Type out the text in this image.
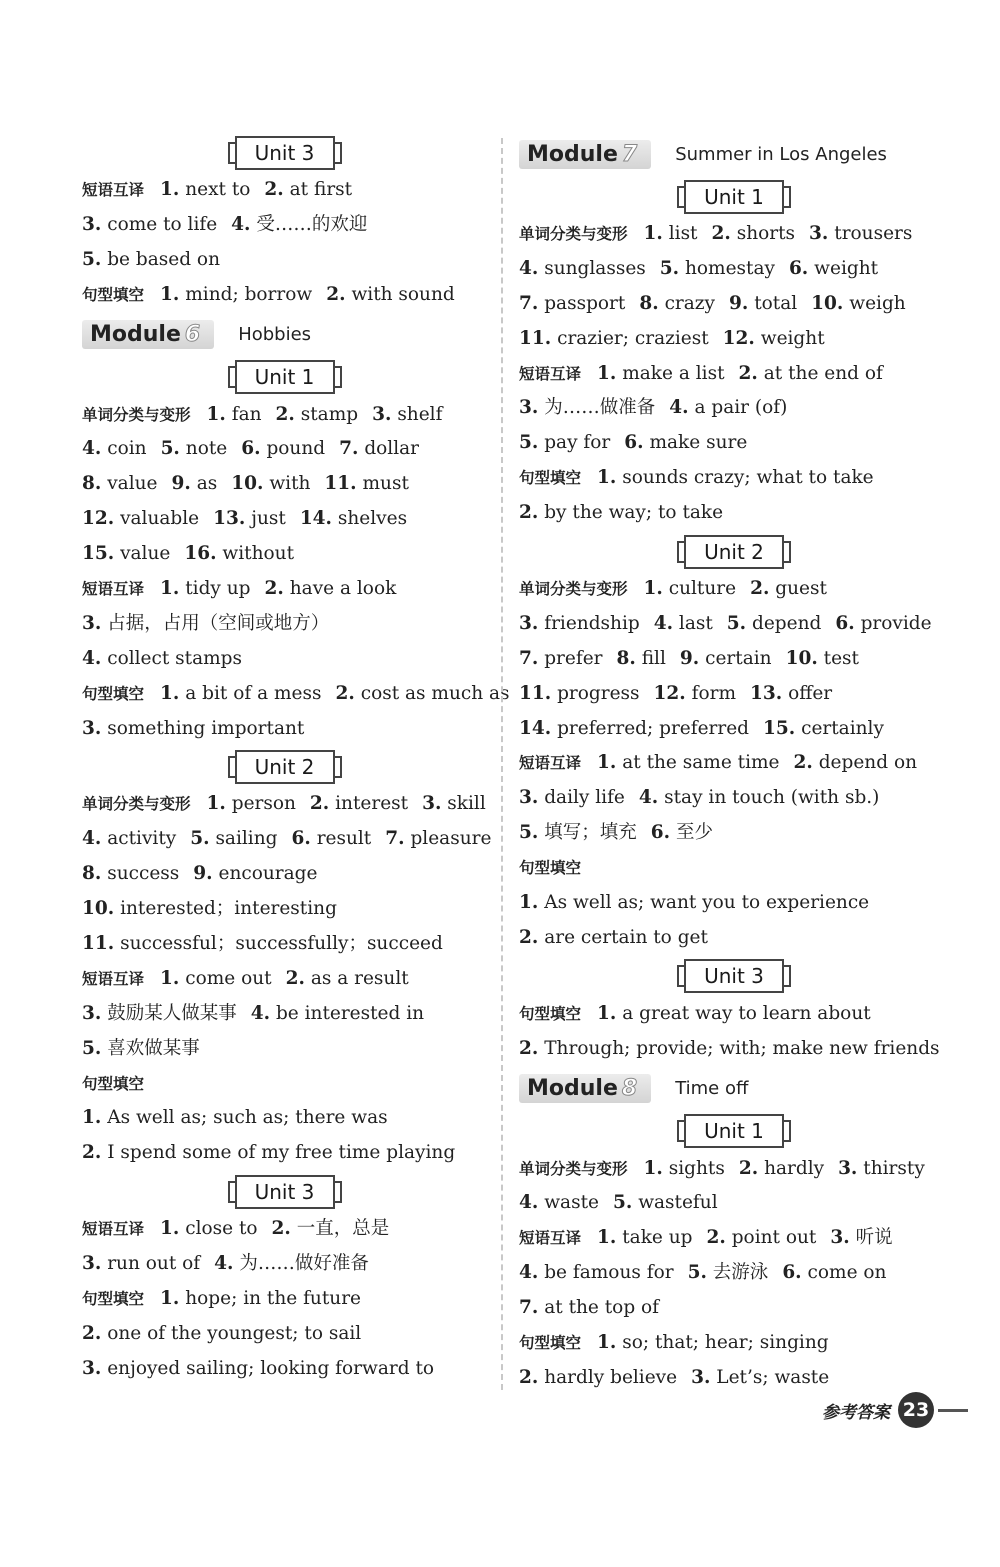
Unit 3
短语互译 1. next to 2. at first
3. come to life 4. 受……的欢迎
5. be based on
句型填空 1. mind; borrow 2. with sound
Module 6	Hobbies
Unit 1
单词分类与变形 1. fan 2. stamp 3. shelf
4. coin 5. note 6. pound 7. dollar
8. value 9. as 10. with 11. must
12. valuable 13. just 14. shelves
15. value 16. without
短语互译 1. tidy up 2. have a look
3. 占据，占用（空间或地方）
4. collect stamps
句型填空 1. a bit of a mess 2. cost as much as
3. something important
Unit 2
单词分类与变形 1. person 2. interest 3. skill
4. activity 5. sailing 6. result 7. pleasure
8. success 9. encourage
10. interested；interesting
11. successful；successfully；succeed
短语互译 1. come out 2. as a result
3. 鼓励某人做某事 4. be interested in
5. 喜欢做某事
句型填空
1. As well as; such as; there was
2. I spend some of my free time playing
Unit 3
短语互译 1. close to 2. 一直，总是
3. run out of 4. 为……做好准备
句型填空 1. hope; in the future
2. one of the youngest; to sail
3. enjoyed sailing; looking forward to
Module 7	Summer in Los Angeles
Unit 1
单词分类与变形 1. list 2. shorts 3. trousers
4. sunglasses 5. homestay 6. weight
7. passport 8. crazy 9. total 10. weigh
11. crazier; craziest 12. weight
短语互译 1. make a list 2. at the end of
3. 为……做准备 4. a pair (of)
5. pay for 6. make sure
句型填空 1. sounds crazy; what to take
2. by the way; to take
Unit 2
单词分类与变形 1. culture 2. guest
3. friendship 4. last 5. depend 6. provide
7. prefer 8. fill 9. certain 10. test
11. progress 12. form 13. offer
14. preferred; preferred 15. certainly
短语互译 1. at the same time 2. depend on
3. daily life 4. stay in touch (with sb.)
5. 填写；填充 6. 至少
句型填空
1. As well as; want you to experience
2. are certain to get
Unit 3
句型填空 1. a great way to learn about
2. Through; provide; with; make new friends
Module 8	Time off
Unit 1
单词分类与变形 1. sights 2. hardly 3. thirsty
4. waste 5. wasteful
短语互译 1. take up 2. point out 3. 听说
4. be famous for 5. 去游泳 6. come on
7. at the top of
句型填空 1. so; that; hear; singing
2. hardly believe 3. Let’s; waste
参考答案 23
